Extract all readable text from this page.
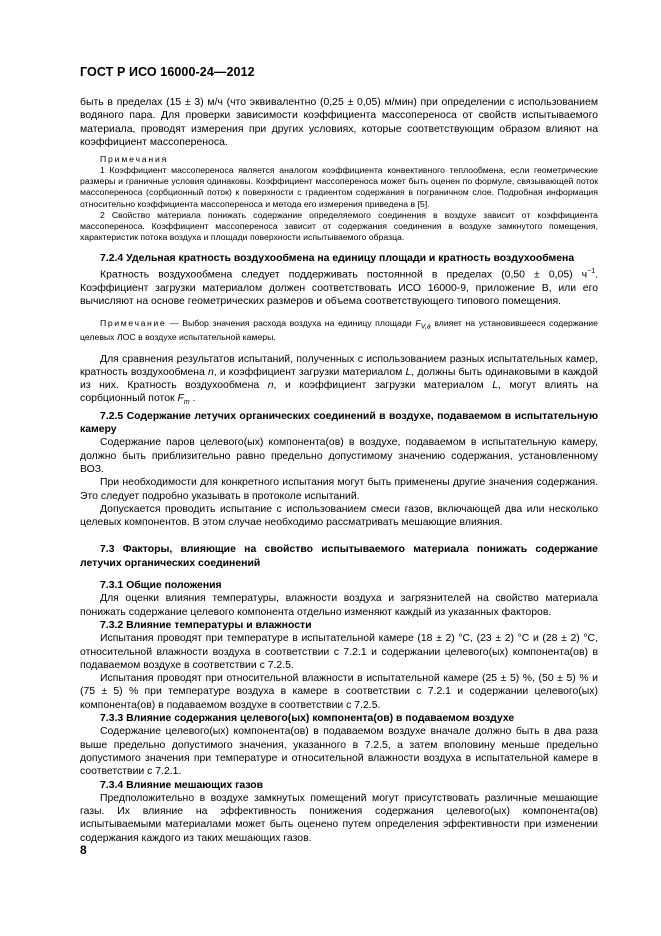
ГОСТ Р ИСО 16000-24—2012

быть в пределах (15 ± 3) м/ч (что эквивалентно (0,25 ± 0,05) м/мин) при определении с использованием водяного пара. Для проверки зависимости коэффициента массопереноса от свойств испытываемого материала, проводят измерения при других условиях, которые соответствующим образом влияют на коэффициент массопереноса.

Примечания

1 Коэффициент массопереноса является аналогом коэффициента конвективного теплообмена, если геометрические размеры и граничные условия одинаковы. Коэффициент массопереноса может быть оценен по формуле, связывающей поток массопереноса (сорбционный поток) к поверхности с градиентом содержания в пограничном слое. Подробная информация относительно коэффициента массопереноса и метода его измерения приведена в [5].

2 Свойство материала понижать содержание определяемого соединения в воздухе зависит от коэффициента массопереноса. Коэффициент массопереноса зависит от содержания соединения в воздухе замкнутого помещения, характеристик потока воздуха и площади поверхности испытываемого образца.

7.2.4 Удельная кратность воздухообмена на единицу площади и кратность воздухообмена

Кратность воздухообмена следует поддерживать постоянной в пределах (0,50 ± 0,05) $ч^{-1}$. Коэффициент загрузки материалом должен соответствовать ИСО 16000-9, приложение В, или его вычисляют на основе геометрических размеров и объема соответствующего типового помещения.

Примечание — Выбор значения расхода воздуха на единицу площади $F_{V,a}$ влияет на установившееся содержание целевых ЛОС в воздухе испытательной камеры.

Для сравнения результатов испытаний, полученных с использованием разных испытательных камер, кратность воздухообмена n, и коэффициент загрузки материалом L, должны быть одинаковыми в каждой из них. Кратность воздухообмена n, и коэффициент загрузки материалом L, могут влиять на сорбционный поток $F_m$ .

7.2.5 Содержание летучих органических соединений в воздухе, подаваемом в испытательную камеру

Содержание паров целевого(ых) компонента(ов) в воздухе, подаваемом в испытательную камеру, должно быть приблизительно равно предельно допустимому значению содержания, установленному ВОЗ.

При необходимости для конкретного испытания могут быть применены другие значения содержания. Это следует подробно указывать в протоколе испытаний.

Допускается проводить испытание с использованием смеси газов, включающей два или несколько целевых компонентов. В этом случае необходимо рассматривать мешающие влияния.

7.3 Факторы, влияющие на свойство испытываемого материала понижать содержание летучих органических соединений

7.3.1 Общие положения

Для оценки влияния температуры, влажности воздуха и загрязнителей на свойство материала понижать содержание целевого компонента отдельно изменяют каждый из указанных факторов.

7.3.2 Влияние температуры и влажности

Испытания проводят при температуре в испытательной камере (18 ± 2) °С, (23 ± 2) °С и (28 ± 2) °С, относительной влажности воздуха в соответствии с 7.2.1 и содержании целевого(ых) компонента(ов) в подаваемом воздухе в соответствии с 7.2.5.

Испытания проводят при относительной влажности в испытательной камере (25 ± 5) %, (50 ± 5) % и (75 ± 5) % при температуре воздуха в камере в соответствии с 7.2.1 и содержании целевого(ых) компонента(ов) в подаваемом воздухе в соответствии с 7.2.5.

7.3.3 Влияние содержания целевого(ых) компонента(ов) в подаваемом воздухе

Содержание целевого(ых) компонента(ов) в подаваемом воздухе вначале должно быть в два раза выше предельно допустимого значения, указанного в 7.2.5, а затем вполовину меньше предельно допустимого значения при температуре и относительной влажности воздуха в испытательной камере в соответствии с 7.2.1.

7.3.4 Влияние мешающих газов

Предположительно в воздухе замкнутых помещений могут присутствовать различные мешающие газы. Их влияние на эффективность понижения содержания целевого(ых) компонента(ов) испытываемыми материалами может быть оценено путем определения эффективности при изменении содержания каждого из таких мешающих газов.

8
